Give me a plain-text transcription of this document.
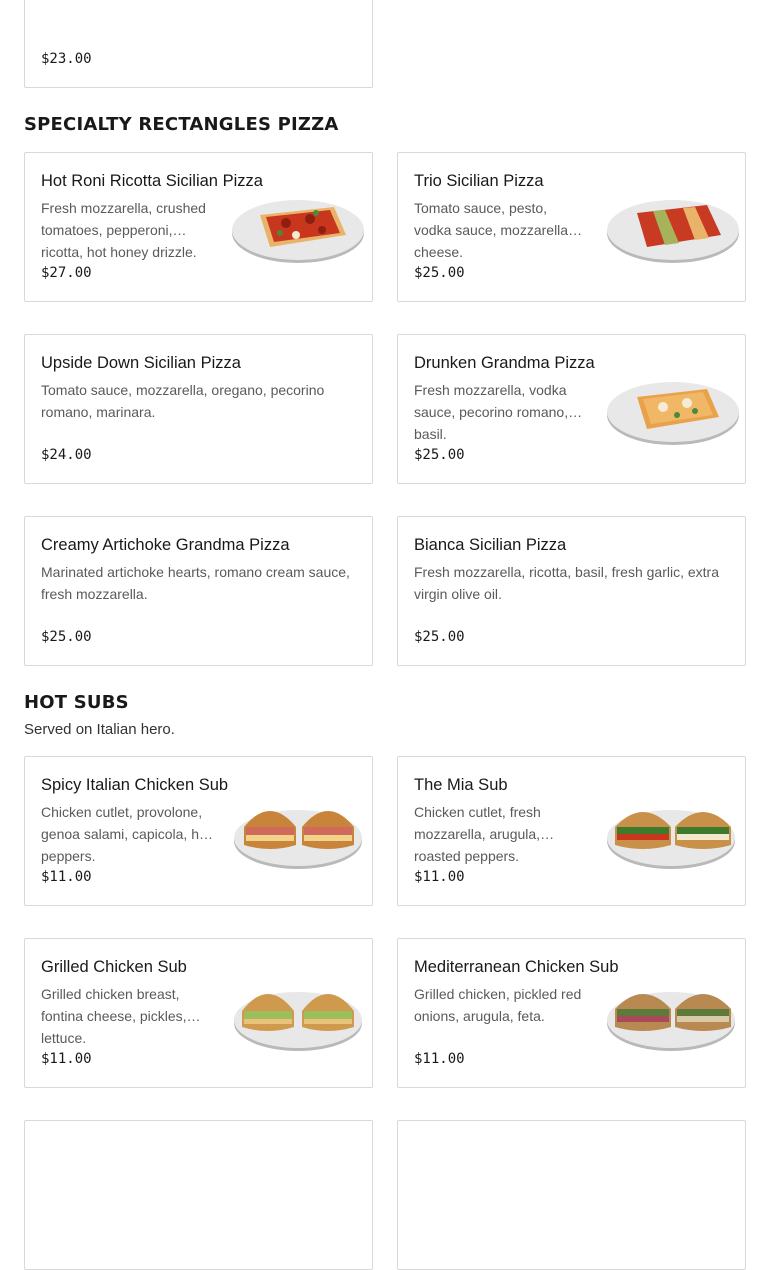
$23.00
SPECIALTY RECTANGLES PIZZA
Hot Roni Ricotta Sicilian Pizza
Fresh mozzarella, crushed tomatoes, pepperoni, ricotta, hot honey drizzle.
$27.00
Trio Sicilian Pizza
Tomato sauce, pesto, vodka sauce, mozzarella cheese.
$25.00
Upside Down Sicilian Pizza
Tomato sauce, mozzarella, oregano, pecorino romano, marinara.
$24.00
Drunken Grandma Pizza
Fresh mozzarella, vodka sauce, pecorino romano, basil.
$25.00
Creamy Artichoke Grandma Pizza
Marinated artichoke hearts, romano cream sauce, fresh mozzarella.
$25.00
Bianca Sicilian Pizza
Fresh mozzarella, ricotta, basil, fresh garlic, extra virgin olive oil.
$25.00
HOT SUBS
Served on Italian hero.
Spicy Italian Chicken Sub
Chicken cutlet, provolone, genoa salami, capicola, hot peppers.
$11.00
The Mia Sub
Chicken cutlet, fresh mozzarella, arugula, roasted peppers.
$11.00
Grilled Chicken Sub
Grilled chicken breast, fontina cheese, pickles, lettuce.
$11.00
Mediterranean Chicken Sub
Grilled chicken, pickled red onions, arugula, feta.
$11.00
